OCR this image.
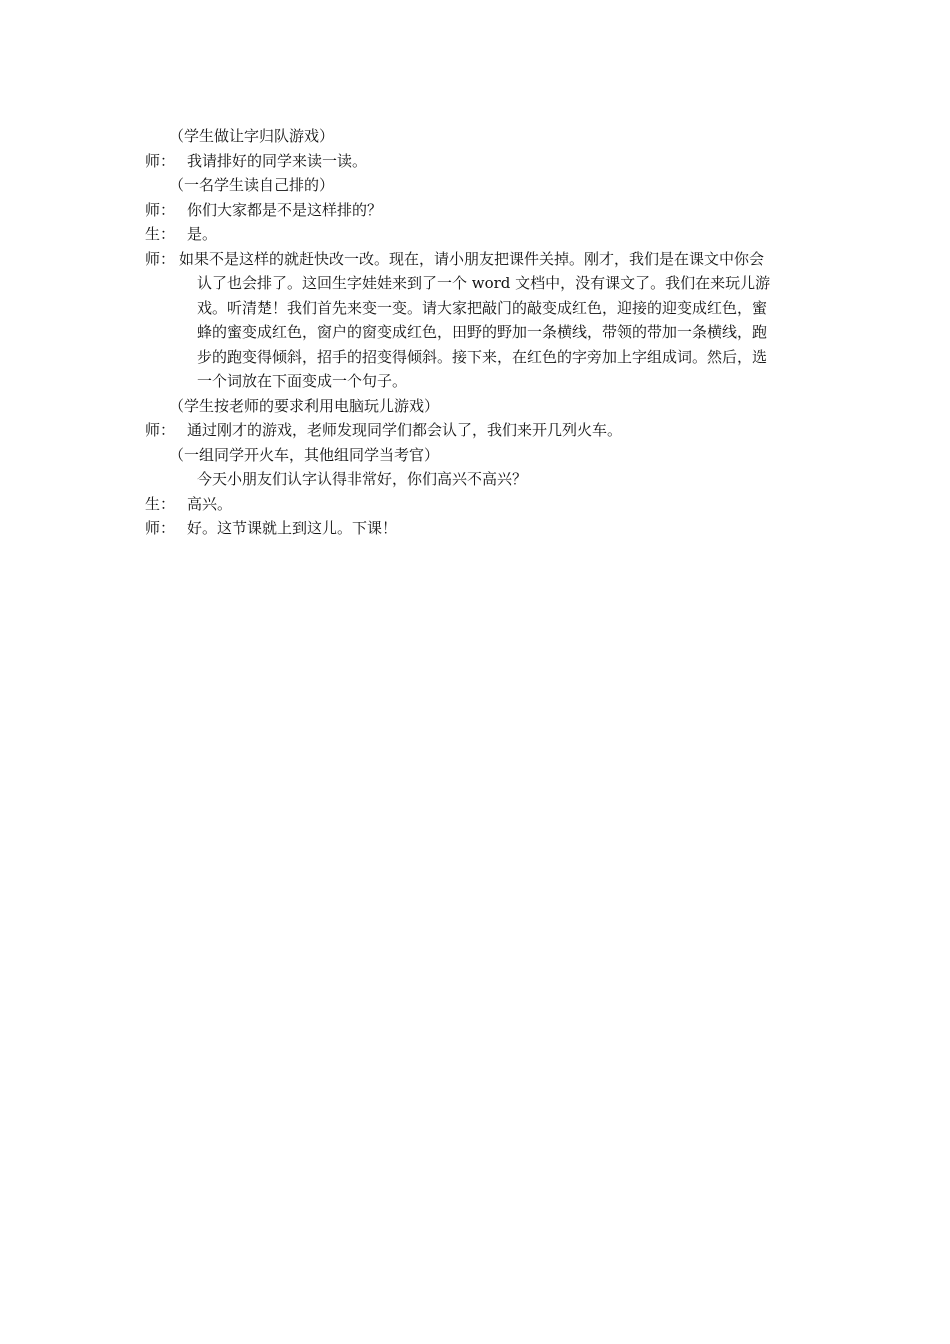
（学生做让字归队游戏）
师： 我请排好的同学来读一读。
（一名学生读自己排的）
师： 你们大家都是不是这样排的？
生： 是。
师： 如果不是这样的就赶快改一改。现在，请小朋友把课件关掉。刚才，我们是在课文中你会
认了也会排了。这回生字娃娃来到了一个 word 文档中，没有课文了。我们在来玩儿游
戏。听清楚！我们首先来变一变。请大家把敲门的敲变成红色，迎接的迎变成红色，蜜
蜂的蜜变成红色，窗户的窗变成红色，田野的野加一条横线，带领的带加一条横线，跑
步的跑变得倾斜，招手的招变得倾斜。接下来，在红色的字旁加上字组成词。然后，选
一个词放在下面变成一个句子。
（学生按老师的要求利用电脑玩儿游戏）
师： 通过刚才的游戏，老师发现同学们都会认了，我们来开几列火车。
（一组同学开火车，其他组同学当考官）
今天小朋友们认字认得非常好，你们高兴不高兴？
生： 高兴。
师： 好。这节课就上到这儿。下课！
